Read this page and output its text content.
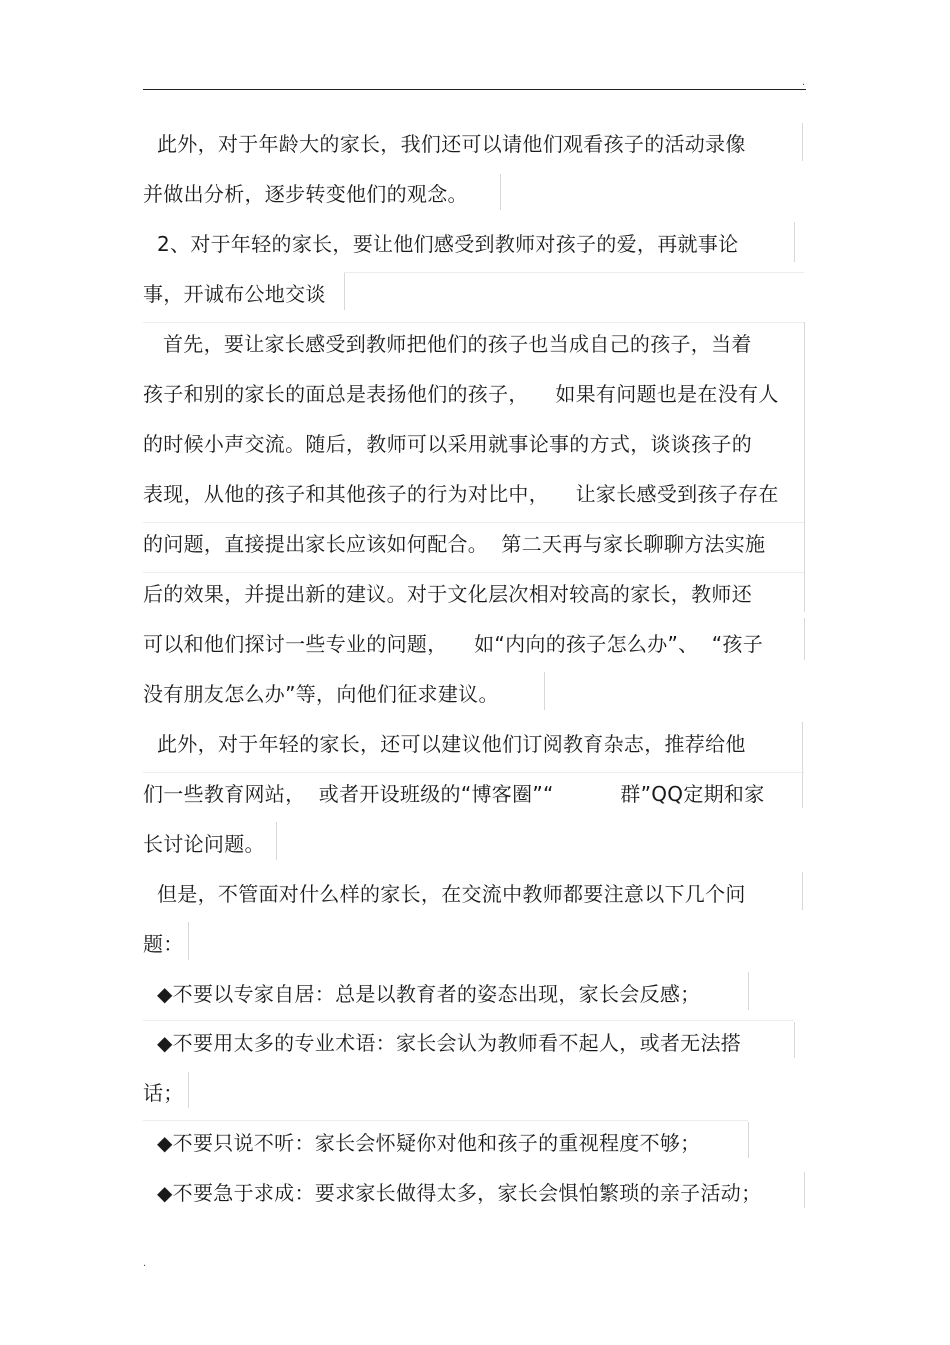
.
此外，对于年龄大的家长，我们还可以请他们观看孩子的活动录像
并做出分析，逐步转变他们的观念。
2、对于年轻的家长，要让他们感受到教师对孩子的爱，再就事论
事，开诚布公地交谈
首先，要让家长感受到教师把他们的孩子也当成自己的孩子，当着
孩子和别的家长的面总是表扬他们的孩子，    如果有问题也是在没有人
的时候小声交流。随后，教师可以采用就事论事的方式，谈谈孩子的
表现，从他的孩子和其他孩子的行为对比中，    让家长感受到孩子存在
的问题，直接提出家长应该如何配合。  第二天再与家长聊聊方法实施
后的效果，并提出新的建议。对于文化层次相对较高的家长，教师还
可以和他们探讨一些专业的问题，    如“内向的孩子怎么办”、  “孩子
没有朋友怎么办”等，向他们征求建议。
此外，对于年轻的家长，还可以建议他们订阅教育杂志，推荐给他
们一些教育网站，  或者开设班级的“博客圈”“          群”QQ定期和家
长讨论问题。
但是，不管面对什么样的家长，在交流中教师都要注意以下几个问
题：
◆不要以专家自居：总是以教育者的姿态出现，家长会反感；
◆不要用太多的专业术语：家长会认为教师看不起人，或者无法搭
话；
◆不要只说不听：家长会怀疑你对他和孩子的重视程度不够；
◆不要急于求成：要求家长做得太多，家长会惧怕繁琐的亲子活动；
.
